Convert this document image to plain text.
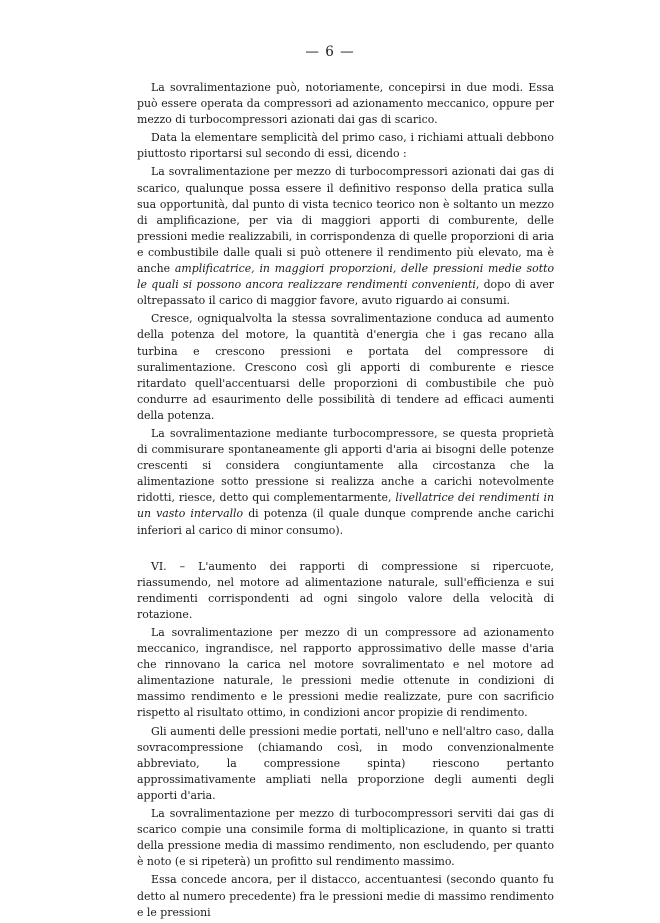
— 6 —

La sovralimentazione può, notoriamente, concepirsi in due modi. Essa può essere operata da compressori ad azionamento meccanico, oppure per mezzo di turbocompressori azionati dai gas di scarico.

Data la elementare semplicità del primo caso, i richiami attuali debbono piuttosto riportarsi sul secondo di essi, dicendo :

La sovralimentazione per mezzo di turbocompressori azionati dai gas di scarico, qualunque possa essere il definitivo responso della pratica sulla sua opportunità, dal punto di vista tecnico teorico non è soltanto un mezzo di amplificazione, per via di maggiori apporti di comburente, delle pressioni medie realizzabili, in corrispondenza di quelle proporzioni di aria e combustibile dalle quali si può ottenere il rendimento più elevato, ma è anche amplificatrice, in maggiori proporzioni, delle pressioni medie sotto le quali si possono ancora realizzare rendimenti convenienti, dopo di aver oltrepassato il carico di maggior favore, avuto riguardo ai consumi.

Cresce, ogniqualvolta la stessa sovralimentazione conduca ad aumento della potenza del motore, la quantità d'energia che i gas recano alla turbina e crescono pressioni e portata del compressore di suralimentazione. Crescono così gli apporti di comburente e riesce ritardato quell'accentuarsi delle proporzioni di combustibile che può condurre ad esaurimento delle possibilità di tendere ad efficaci aumenti della potenza.

La sovralimentazione mediante turbocompressore, se questa proprietà di commisurare spontaneamente gli apporti d'aria ai bisogni delle potenze crescenti si considera congiuntamente alla circostanza che la alimentazione sotto pressione si realizza anche a carichi notevolmente ridotti, riesce, detto qui complementarmente, livellatrice dei rendimenti in un vasto intervallo di potenza (il quale dunque comprende anche carichi inferiori al carico di minor consumo).

VI. – L'aumento dei rapporti di compressione si ripercuote, riassumendo, nel motore ad alimentazione naturale, sull'efficienza e sui rendimenti corrispondenti ad ogni singolo valore della velocità di rotazione.

La sovralimentazione per mezzo di un compressore ad azionamento meccanico, ingrandisce, nel rapporto approssimativo delle masse d'aria che rinnovano la carica nel motore sovralimentato e nel motore ad alimentazione naturale, le pressioni medie ottenute in condizioni di massimo rendimento e le pressioni medie realizzate, pure con sacrificio rispetto al risultato ottimo, in condizioni ancor propizie di rendimento.

Gli aumenti delle pressioni medie portati, nell'uno e nell'altro caso, dalla sovracompressione (chiamando così, in modo convenzionalmente abbreviato, la compressione spinta) riescono pertanto approssimativamente ampliati nella proporzione degli aumenti degli apporti d'aria.

La sovralimentazione per mezzo di turbocompressori serviti dai gas di scarico compie una consimile forma di moltiplicazione, in quanto si tratti della pressione media di massimo rendimento, non escludendo, per quanto è noto (e si ripeterà) un profitto sul rendimento massimo.

Essa concede ancora, per il distacco, accentuantesi (secondo quanto fu detto al numero precedente) fra le pressioni medie di massimo rendimento e le pressioni
